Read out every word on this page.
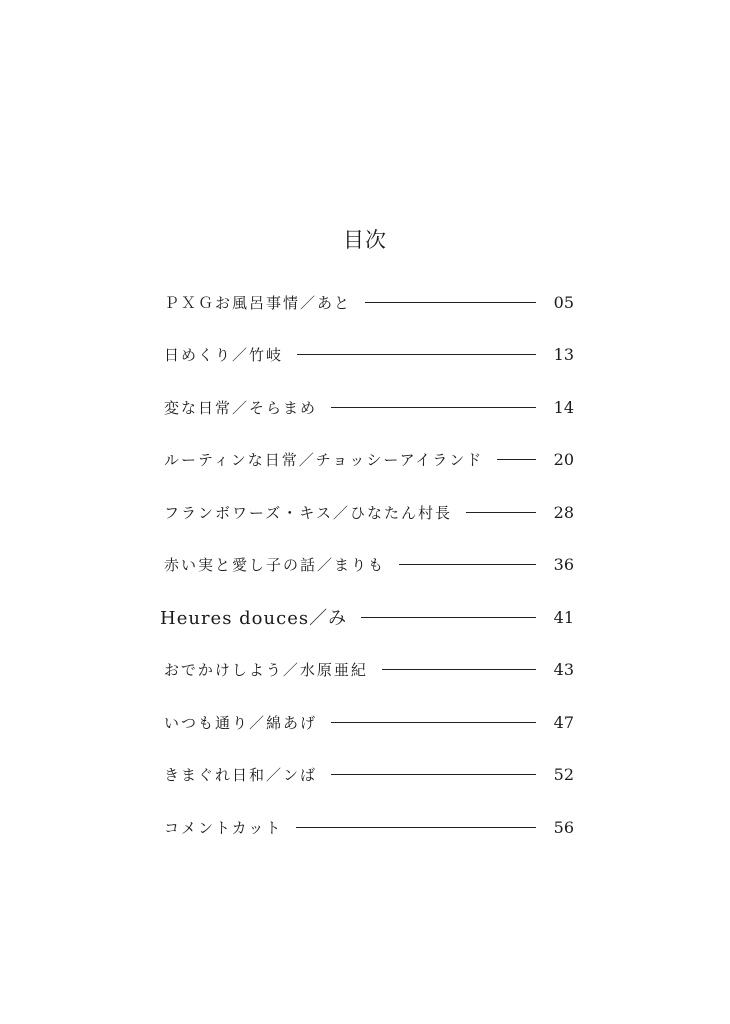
目次
ＰＸＧお風呂事情／あと	05
日めくり／竹岐	13
変な日常／そらまめ	14
ルーティンな日常／チョッシーアイランド	20
フランボワーズ・キス／ひなたん村長	28
赤い実と愛し子の話／まりも	36
Heures douces／み	41
おでかけしよう／水原亜紀	43
いつも通り／綿あげ	47
きまぐれ日和／ンば	52
コメントカット	56
